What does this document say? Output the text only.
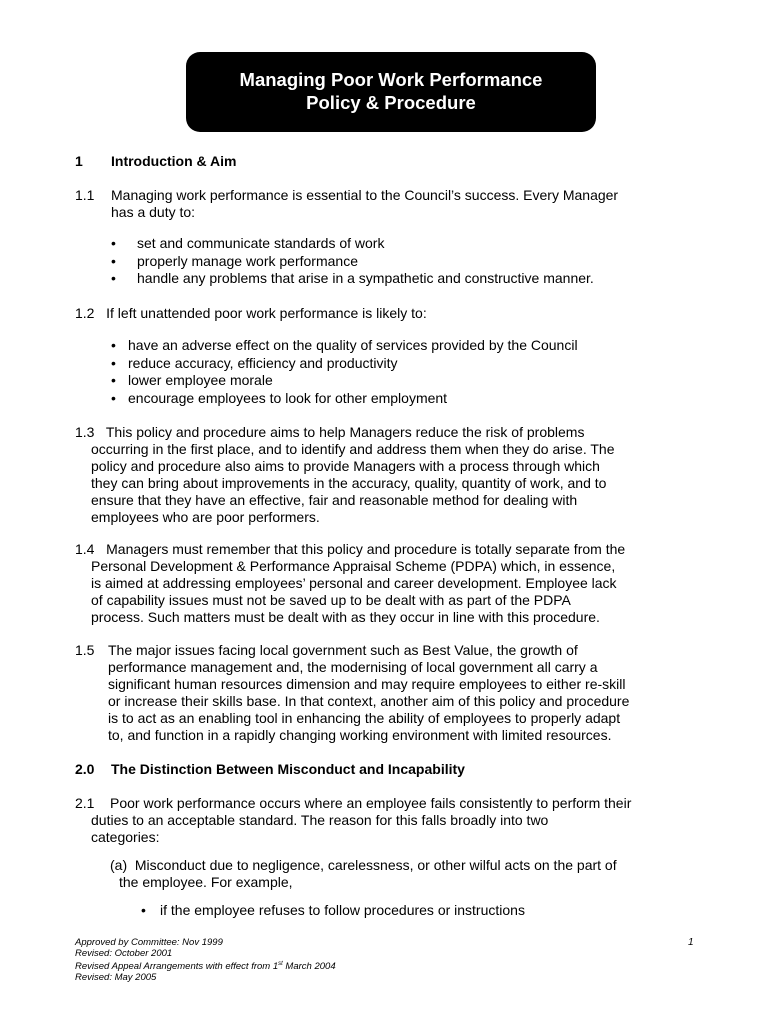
Managing Poor Work Performance
Policy & Procedure
1 Introduction & Aim
1.1 Managing work performance is essential to the Council’s success. Every Manager
has a duty to:
• set and communicate standards of work
• properly manage work performance
• handle any problems that arise in a sympathetic and constructive manner.
1.2   If left unattended poor work performance is likely to:
• have an adverse effect on the quality of services provided by the Council
• reduce accuracy, efficiency and productivity
• lower employee morale
• encourage employees to look for other employment
1.3   This policy and procedure aims to help Managers reduce the risk of problems
occurring in the first place, and to identify and address them when they do arise. The
policy and procedure also aims to provide Managers with a process through which
they can bring about improvements in the accuracy, quality, quantity of work, and to
ensure that they have an effective, fair and reasonable method for dealing with
employees who are poor performers.
1.4   Managers must remember that this policy and procedure is totally separate from the
Personal Development & Performance Appraisal Scheme (PDPA) which, in essence,
is aimed at addressing employees’ personal and career development. Employee lack
of capability issues must not be saved up to be dealt with as part of the PDPA
process. Such matters must be dealt with as they occur in line with this procedure.
1.5 The major issues facing local government such as Best Value, the growth of
performance management and, the modernising of local government all carry a
significant human resources dimension and may require employees to either re-skill
or increase their skills base. In that context, another aim of this policy and procedure
is to act as an enabling tool in enhancing the ability of employees to properly adapt
to, and function in a rapidly changing working environment with limited resources.
2.0 The Distinction Between Misconduct and Incapability
2.1    Poor work performance occurs where an employee fails consistently to perform their
duties to an acceptable standard. The reason for this falls broadly into two
categories:
(a)  Misconduct due to negligence, carelessness, or other wilful acts on the part of
the employee. For example,
• if the employee refuses to follow procedures or instructions
Approved by Committee: Nov 1999
Revised: October 2001
Revised Appeal Arrangements with effect from 1st March 2004
Revised: May 2005
1
